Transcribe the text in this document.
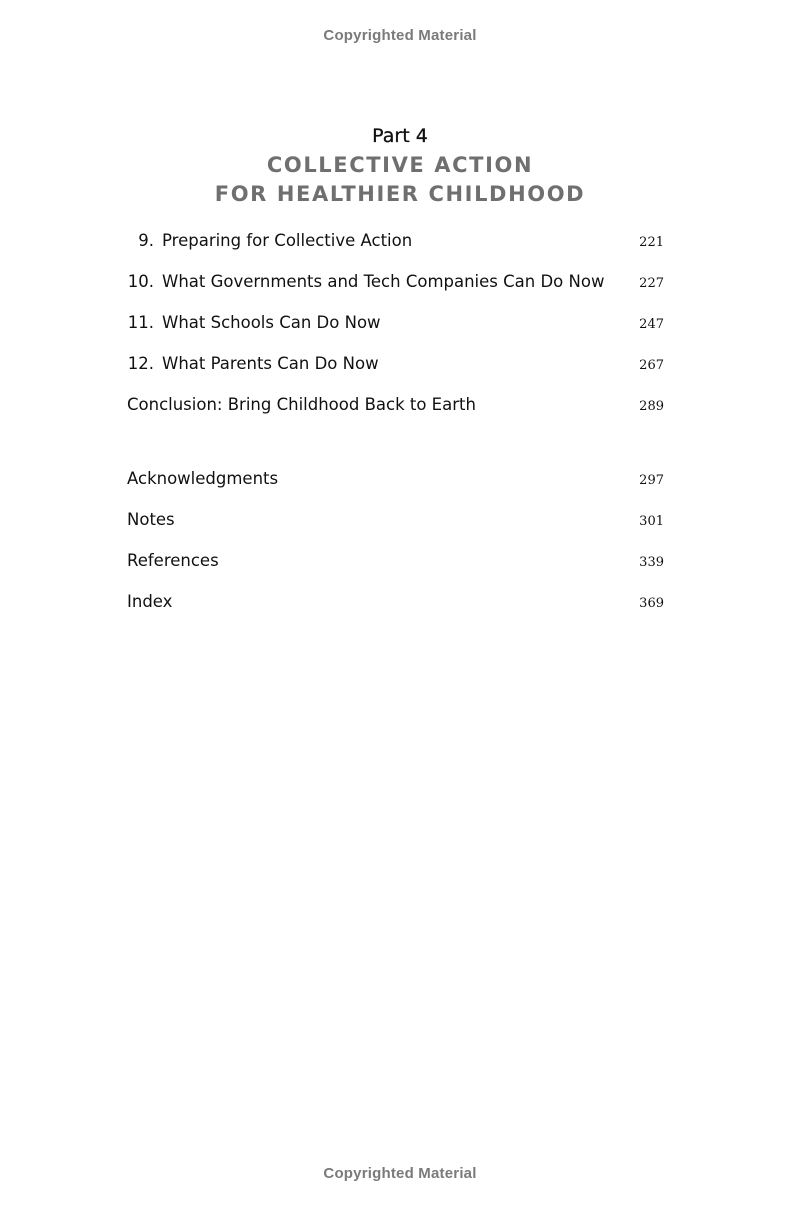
Copyrighted Material
Part 4
COLLECTIVE ACTION
FOR HEALTHIER CHILDHOOD
9. Preparing for Collective Action	221
10. What Governments and Tech Companies Can Do Now	227
11. What Schools Can Do Now	247
12. What Parents Can Do Now	267
Conclusion: Bring Childhood Back to Earth	289
Acknowledgments	297
Notes	301
References	339
Index	369
Copyrighted Material
